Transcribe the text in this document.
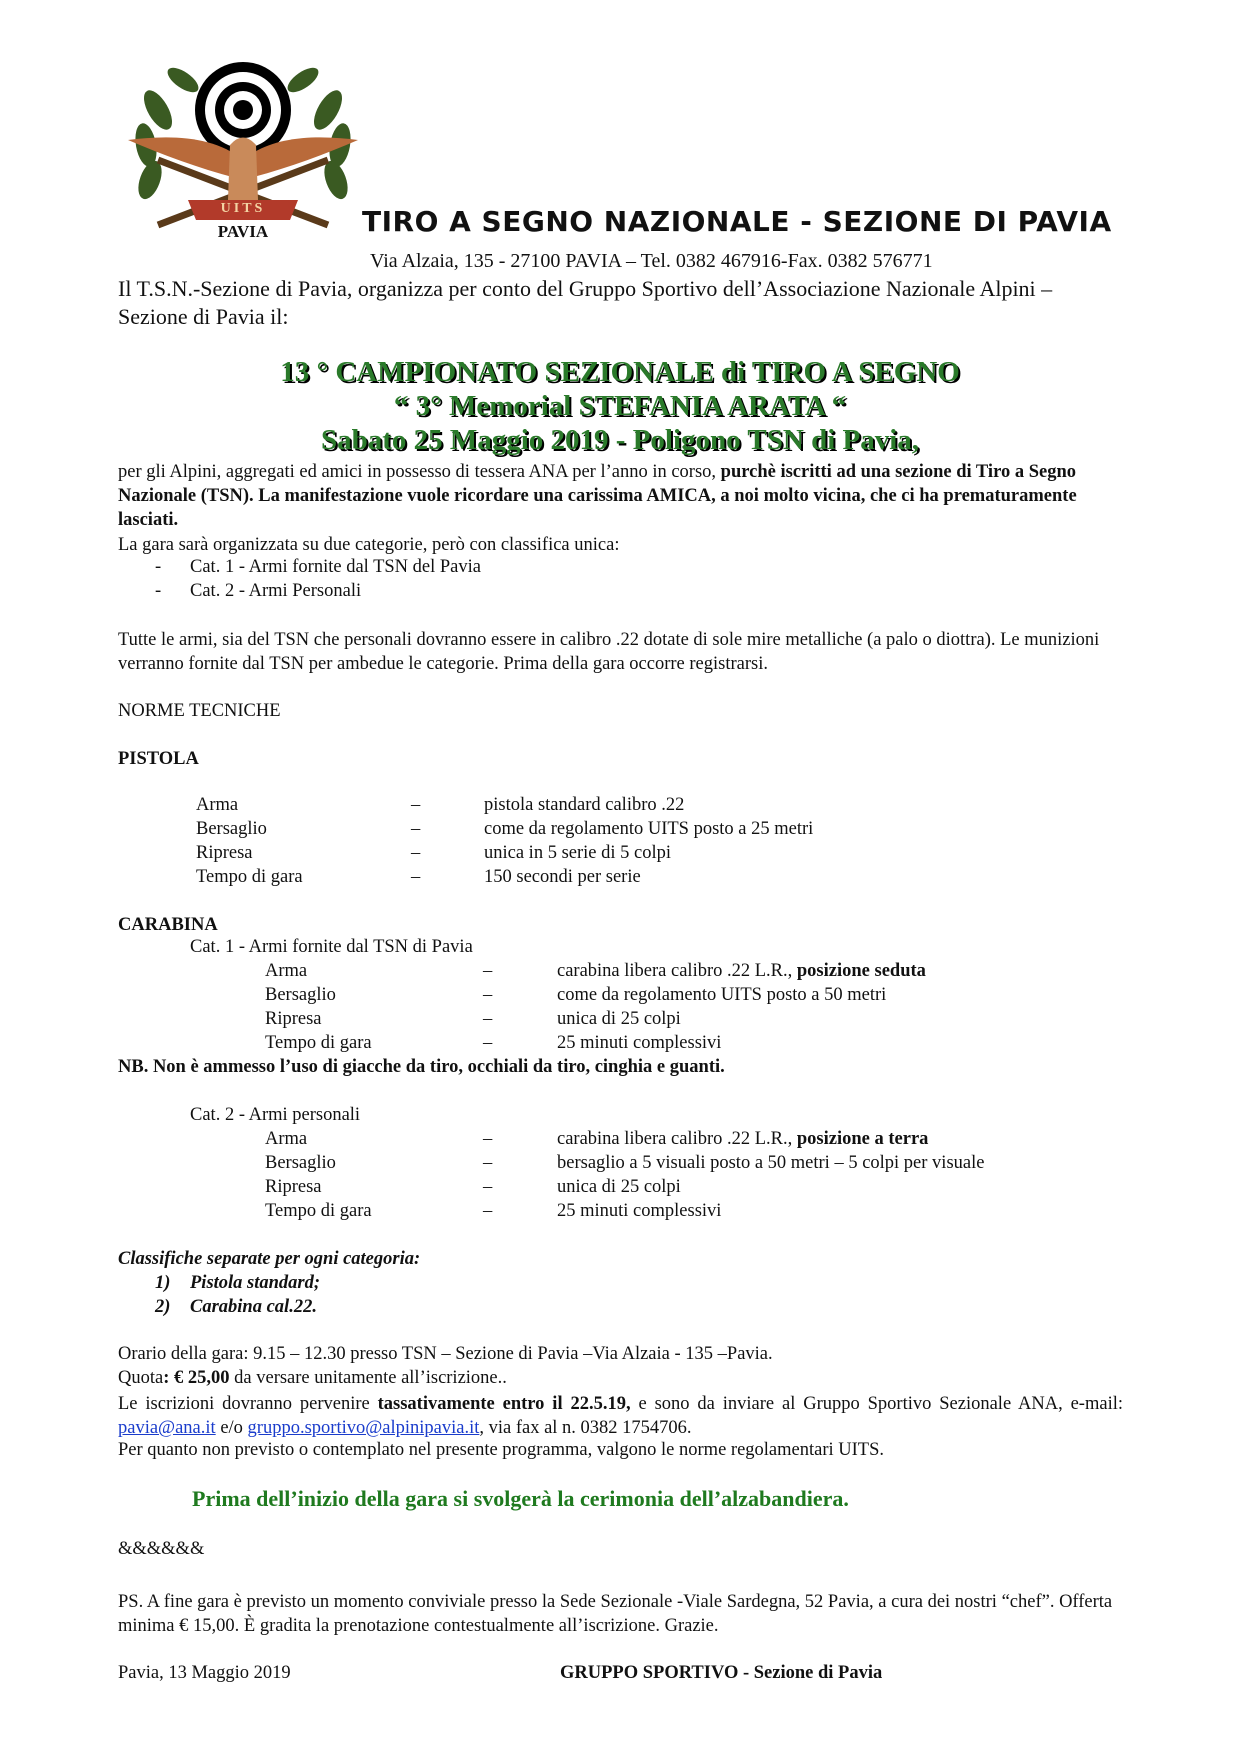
UITS
PAVIA	TIRO A SEGNO NAZIONALE - SEZIONE DI PAVIA
Via Alzaia, 135 - 27100 PAVIA – Tel. 0382 467916-Fax. 0382 576771
Il T.S.N.-Sezione di Pavia, organizza per conto del Gruppo Sportivo dell’Associazione Nazionale Alpini – Sezione di Pavia il:
13 ° CAMPIONATO SEZIONALE di TIRO A SEGNO
“ 3° Memorial STEFANIA ARATA “
Sabato 25 Maggio 2019 - Poligono TSN di Pavia,
per gli Alpini, aggregati ed amici in possesso di tessera ANA per l’anno in corso, purchè iscritti ad una sezione di Tiro a Segno Nazionale (TSN). La manifestazione vuole ricordare una carissima AMICA, a noi molto vicina, che ci ha prematuramente lasciati.
La gara sarà organizzata su due categorie, però con classifica unica:
- Cat. 1 - Armi fornite dal TSN del Pavia
- Cat. 2 - Armi Personali
Tutte le armi, sia del TSN che personali dovranno essere in calibro .22 dotate di sole mire metalliche (a palo o diottra). Le munizioni verranno fornite dal TSN per ambedue le categorie. Prima della gara occorre registrarsi.
NORME TECNICHE
PISTOLA
Arma	–	pistola standard calibro .22
Bersaglio	–	come da regolamento UITS posto a 25 metri
Ripresa	–	unica in 5 serie di 5 colpi
Tempo di gara	–	150 secondi per serie
CARABINA
Cat. 1 - Armi fornite dal TSN di Pavia
Arma	–	carabina libera calibro .22 L.R., posizione seduta
Bersaglio	–	come da regolamento UITS posto a 50 metri
Ripresa	–	unica di 25 colpi
Tempo di gara	–	25 minuti complessivi
NB. Non è ammesso l’uso di giacche da tiro, occhiali da tiro, cinghia e guanti.
Cat. 2 - Armi personali
Arma	–	carabina libera calibro .22 L.R., posizione a terra
Bersaglio	–	bersaglio a 5 visuali posto a 50 metri – 5 colpi per visuale
Ripresa	–	unica di 25 colpi
Tempo di gara	–	25 minuti complessivi
Classifiche separate per ogni categoria:
1) Pistola standard;
2) Carabina cal.22.
Orario della gara: 9.15 – 12.30 presso TSN – Sezione di Pavia –Via Alzaia - 135 –Pavia.
Quota: € 25,00 da versare unitamente all’iscrizione..
Le iscrizioni dovranno pervenire tassativamente entro il 22.5.19, e sono da inviare al Gruppo Sportivo Sezionale ANA, e-mail: pavia@ana.it e/o gruppo.sportivo@alpinipavia.it, via fax al n. 0382 1754706.
Per quanto non previsto o contemplato nel presente programma, valgono le norme regolamentari UITS.
Prima dell’inizio della gara si svolgerà la cerimonia dell’alzabandiera.
&&&&&&
PS. A fine gara è previsto un momento conviviale presso la Sede Sezionale -Viale Sardegna, 52 Pavia, a cura dei nostri “chef”. Offerta minima € 15,00. È gradita la prenotazione contestualmente all’iscrizione. Grazie.
Pavia, 13 Maggio 2019	GRUPPO SPORTIVO - Sezione di Pavia
